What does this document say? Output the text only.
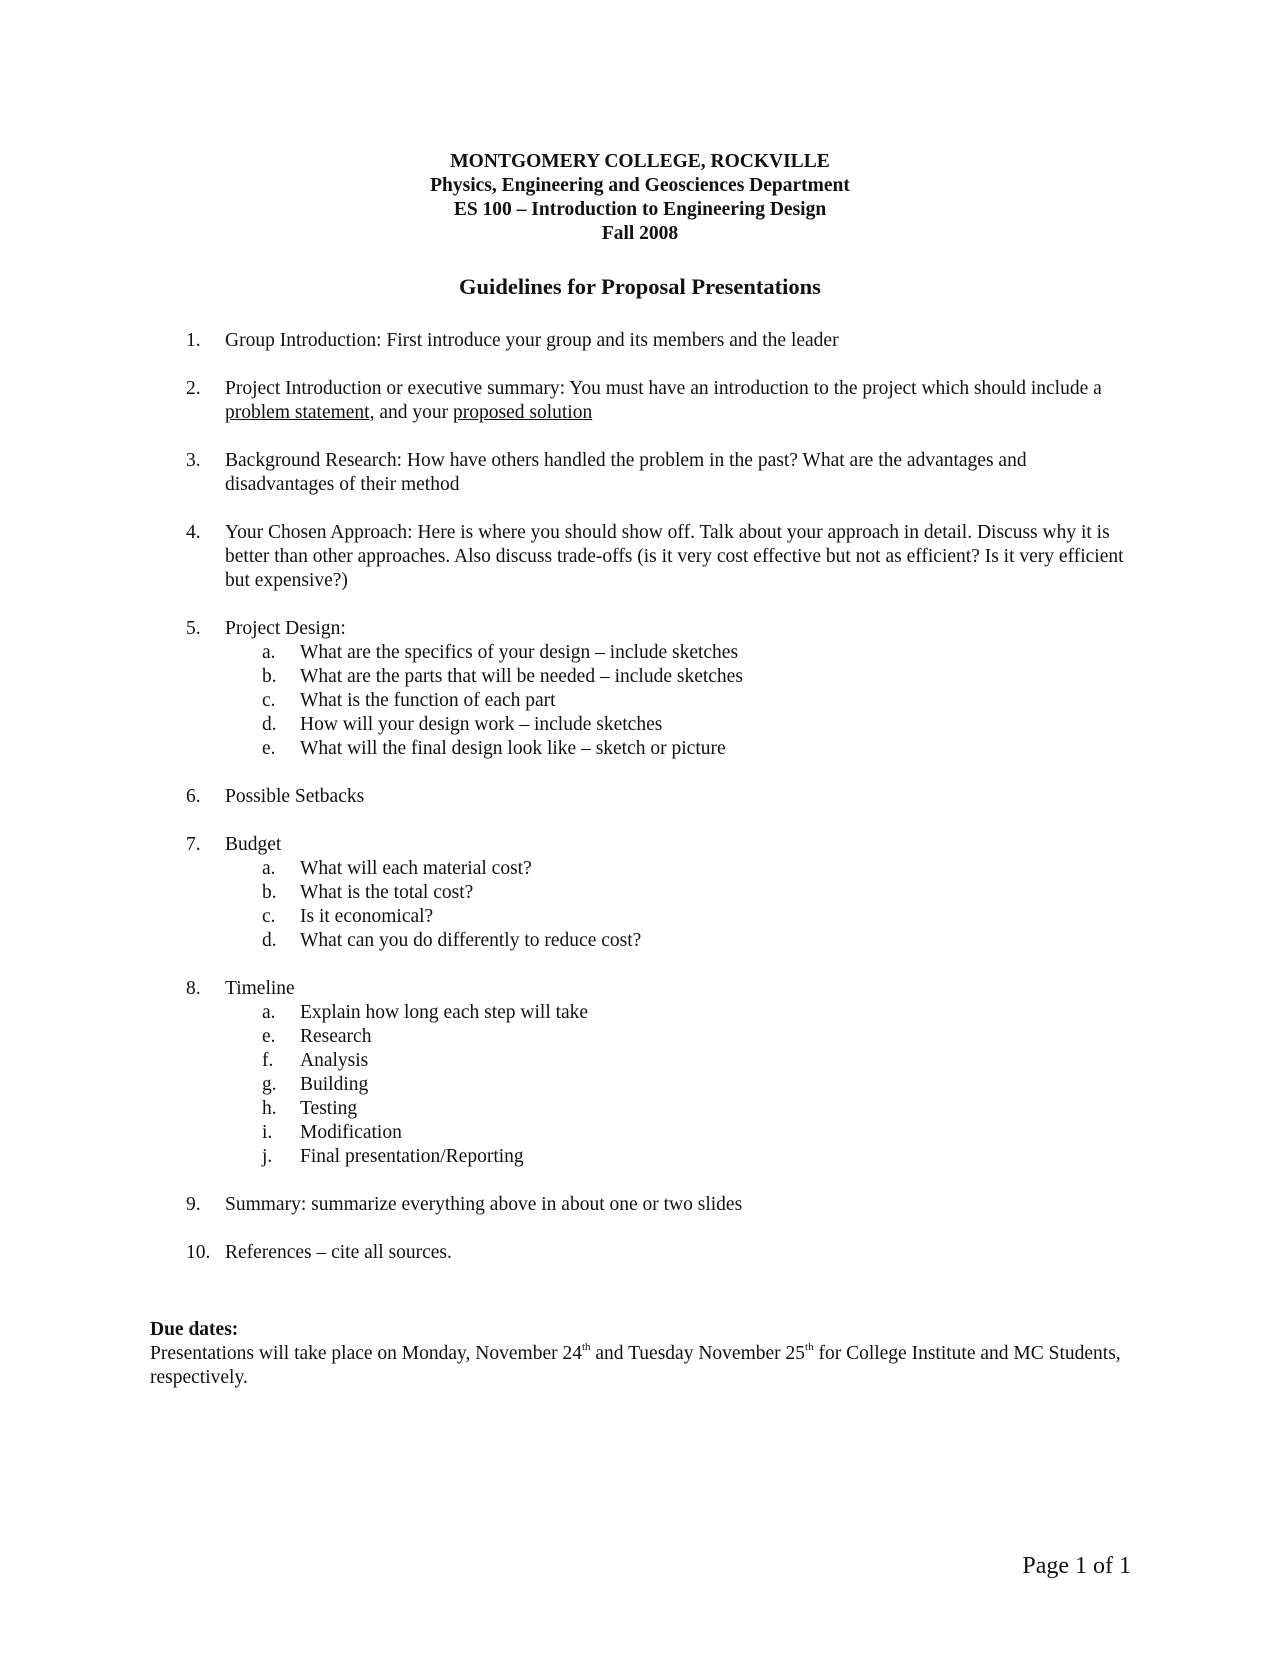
MONTGOMERY COLLEGE, ROCKVILLE
Physics, Engineering and Geosciences Department
ES 100 – Introduction to Engineering Design
Fall 2008
Guidelines for Proposal Presentations
1. Group Introduction: First introduce your group and its members and the leader
2. Project Introduction or executive summary: You must have an introduction to the project which should include a problem statement, and your proposed solution
3. Background Research: How have others handled the problem in the past? What are the advantages and disadvantages of their method
4. Your Chosen Approach: Here is where you should show off. Talk about your approach in detail. Discuss why it is better than other approaches. Also discuss trade-offs (is it very cost effective but not as efficient? Is it very efficient but expensive?)
5. Project Design:
a. What are the specifics of your design – include sketches
b. What are the parts that will be needed – include sketches
c. What is the function of each part
d. How will your design work – include sketches
e. What will the final design look like – sketch or picture
6. Possible Setbacks
7. Budget
a. What will each material cost?
b. What is the total cost?
c. Is it economical?
d. What can you do differently to reduce cost?
8. Timeline
a. Explain how long each step will take
e. Research
f. Analysis
g. Building
h. Testing
i. Modification
j. Final presentation/Reporting
9. Summary: summarize everything above in about one or two slides
10. References – cite all sources.
Due dates:
Presentations will take place on Monday, November 24th and Tuesday November 25th for College Institute and MC Students, respectively.
Page 1 of 1
